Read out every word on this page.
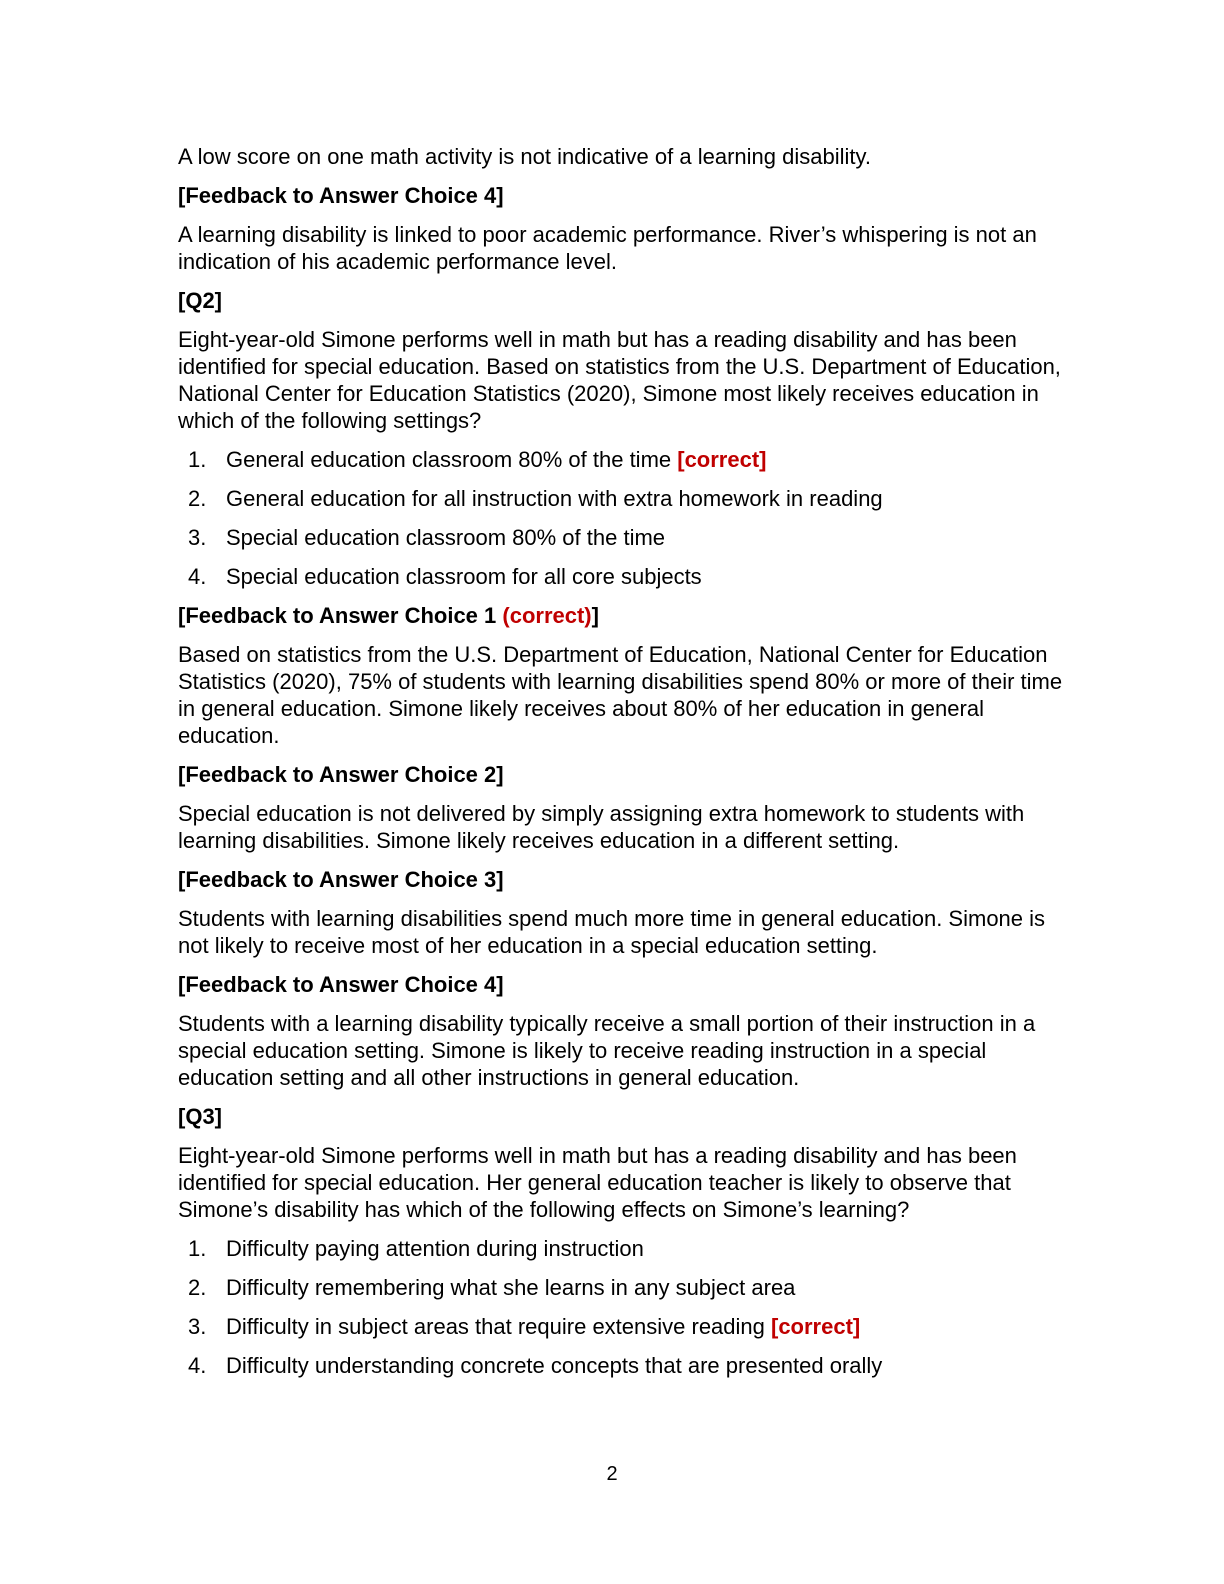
A low score on one math activity is not indicative of a learning disability.

[Feedback to Answer Choice 4]

A learning disability is linked to poor academic performance. River’s whispering is not an indication of his academic performance level.

[Q2]

Eight-year-old Simone performs well in math but has a reading disability and has been identified for special education. Based on statistics from the U.S. Department of Education, National Center for Education Statistics (2020), Simone most likely receives education in which of the following settings?

1. General education classroom 80% of the time [correct]
2. General education for all instruction with extra homework in reading
3. Special education classroom 80% of the time
4. Special education classroom for all core subjects

[Feedback to Answer Choice 1 (correct)]

Based on statistics from the U.S. Department of Education, National Center for Education Statistics (2020), 75% of students with learning disabilities spend 80% or more of their time in general education. Simone likely receives about 80% of her education in general education.

[Feedback to Answer Choice 2]

Special education is not delivered by simply assigning extra homework to students with learning disabilities. Simone likely receives education in a different setting.

[Feedback to Answer Choice 3]

Students with learning disabilities spend much more time in general education. Simone is not likely to receive most of her education in a special education setting.

[Feedback to Answer Choice 4]

Students with a learning disability typically receive a small portion of their instruction in a special education setting. Simone is likely to receive reading instruction in a special education setting and all other instructions in general education.

[Q3]

Eight-year-old Simone performs well in math but has a reading disability and has been identified for special education. Her general education teacher is likely to observe that Simone’s disability has which of the following effects on Simone’s learning?

1. Difficulty paying attention during instruction
2. Difficulty remembering what she learns in any subject area
3. Difficulty in subject areas that require extensive reading [correct]
4. Difficulty understanding concrete concepts that are presented orally
2
